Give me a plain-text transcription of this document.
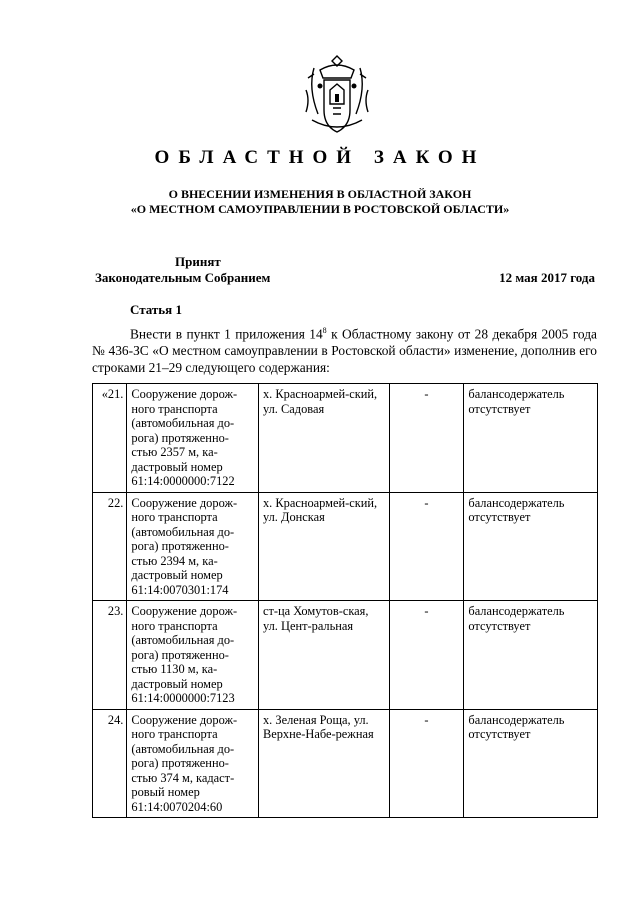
ОБЛАСТНОЙ ЗАКОН
О ВНЕСЕНИИ ИЗМЕНЕНИЯ В ОБЛАСТНОЙ ЗАКОН
«О МЕСТНОМ САМОУПРАВЛЕНИИ В РОСТОВСКОЙ ОБЛАСТИ»
Принят
Законодательным Собранием	12 мая 2017 года
Статья 1
Внести в пункт 1 приложения $14^8$ к Областному закону от 28 декабря 2005 года № 436-ЗС «О местном самоуправлении в Ростовской области» изменение, дополнив его строками 21–29 следующего содержания:
«21.	Сооружение дорож-ного транспорта (автомобильная до-рога) протяженно-стью 2357 м, ка-дастровый номер 61:14:0000000:7122	х. Красноармей-ский, ул. Садовая	-	балансодержатель отсутствует
22.	Сооружение дорож-ного транспорта (автомобильная до-рога) протяженно-стью 2394 м, ка-дастровый номер 61:14:0070301:174	х. Красноармей-ский, ул. Донская	-	балансодержатель отсутствует
23.	Сооружение дорож-ного транспорта (автомобильная до-рога) протяженно-стью 1130 м, ка-дастровый номер 61:14:0000000:7123	ст-ца Хомутов-ская, ул. Цент-ральная	-	балансодержатель отсутствует
24.	Сооружение дорож-ного транспорта (автомобильная до-рога) протяженно-стью 374 м, кадаст-ровый номер 61:14:0070204:60	х. Зеленая Роща, ул. Верхне-Набе-режная	-	балансодержатель отсутствует
